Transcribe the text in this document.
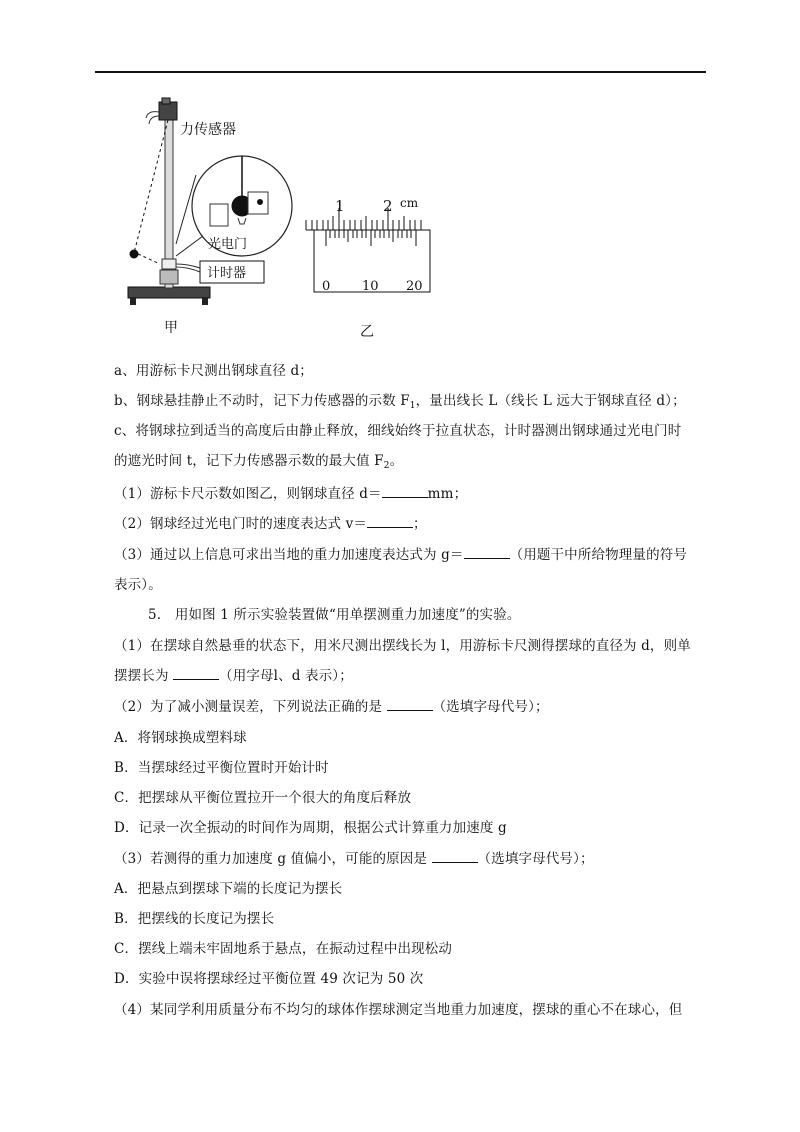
力传感器
光电门
计时器
甲
1	2 cm
0 10 20
乙
a、用游标卡尺测出钢球直径 d；
b、钢球悬挂静止不动时，记下力传感器的示数 $F_1$，量出线长 L（线长 L 远大于钢球直径 d）；
c、将钢球拉到适当的高度后由静止释放，细线始终于拉直状态，计时器测出钢球通过光电门时
的遮光时间 t，记下力传感器示数的最大值 $F_2$。
（1）游标卡尺示数如图乙，则钢球直径 d＝	mm；
（2）钢球经过光电门时的速度表达式 v＝	；
（3）通过以上信息可求出当地的重力加速度表达式为 g＝	（用题干中所给物理量的符号
表示）。
5.　用如图 1 所示实验装置做“用单摆测重力加速度”的实验。
（1）在摆球自然悬垂的状态下，用米尺测出摆线长为 l，用游标卡尺测得摆球的直径为 d，则单
摆摆长为	（用字母l、d 表示）；
（2）为了减小测量误差，下列说法正确的是	（选填字母代号）；
A．将钢球换成塑料球
B．当摆球经过平衡位置时开始计时
C．把摆球从平衡位置拉开一个很大的角度后释放
D．记录一次全振动的时间作为周期，根据公式计算重力加速度 g
（3）若测得的重力加速度 g 值偏小，可能的原因是	（选填字母代号）；
A．把悬点到摆球下端的长度记为摆长
B．把摆线的长度记为摆长
C．摆线上端未牢固地系于悬点，在振动过程中出现松动
D．实验中误将摆球经过平衡位置 49 次记为 50 次
（4）某同学利用质量分布不均匀的球体作摆球测定当地重力加速度，摆球的重心不在球心，但
